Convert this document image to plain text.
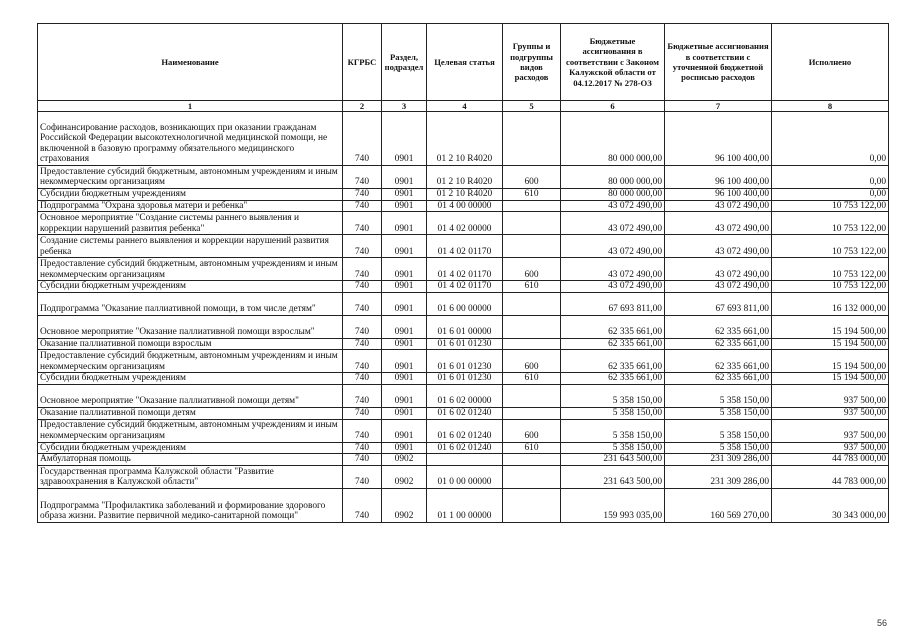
Наименование	КГРБС	Раздел, подраздел	Целевая статья	Группы и подгруппы видов расходов	Бюджетные ассигнования в соответствии с Законом Калужской области от 04.12.2017 № 278-ОЗ	Бюджетные ассигнования в соответствии с уточненной бюджетной росписью расходов	Исполнено
1	2	3	4	5	6	7	8
Софинансирование расходов, возникающих при оказании гражданам Российской Федерации высокотехнологичной медицинской помощи, не включенной в базовую программу обязательного медицинского страхования	740	0901	01 2 10 R4020		80 000 000,00	96 100 400,00	0,00
Предоставление субсидий бюджетным, автономным учреждениям и иным некоммерческим организациям	740	0901	01 2 10 R4020	600	80 000 000,00	96 100 400,00	0,00
Субсидии бюджетным учреждениям	740	0901	01 2 10 R4020	610	80 000 000,00	96 100 400,00	0,00
Подпрограмма "Охрана здоровья матери и ребенка"	740	0901	01 4 00 00000		43 072 490,00	43 072 490,00	10 753 122,00
Основное мероприятие "Создание системы раннего выявления и коррекции нарушений развития ребенка"	740	0901	01 4 02 00000		43 072 490,00	43 072 490,00	10 753 122,00
Создание системы раннего выявления и коррекции нарушений развития ребенка	740	0901	01 4 02 01170		43 072 490,00	43 072 490,00	10 753 122,00
Предоставление субсидий бюджетным, автономным учреждениям и иным некоммерческим организациям	740	0901	01 4 02 01170	600	43 072 490,00	43 072 490,00	10 753 122,00
Субсидии бюджетным учреждениям	740	0901	01 4 02 01170	610	43 072 490,00	43 072 490,00	10 753 122,00
Подпрограмма "Оказание паллиативной помощи, в том числе детям"	740	0901	01 6 00 00000		67 693 811,00	67 693 811,00	16 132 000,00
Основное мероприятие "Оказание паллиативной помощи взрослым"	740	0901	01 6 01 00000		62 335 661,00	62 335 661,00	15 194 500,00
Оказание паллиативной помощи взрослым	740	0901	01 6 01 01230		62 335 661,00	62 335 661,00	15 194 500,00
Предоставление субсидий бюджетным, автономным учреждениям и иным некоммерческим организациям	740	0901	01 6 01 01230	600	62 335 661,00	62 335 661,00	15 194 500,00
Субсидии бюджетным учреждениям	740	0901	01 6 01 01230	610	62 335 661,00	62 335 661,00	15 194 500,00
Основное мероприятие "Оказание паллиативной помощи детям"	740	0901	01 6 02 00000		5 358 150,00	5 358 150,00	937 500,00
Оказание паллиативной помощи детям	740	0901	01 6 02 01240		5 358 150,00	5 358 150,00	937 500,00
Предоставление субсидий бюджетным, автономным учреждениям и иным некоммерческим организациям	740	0901	01 6 02 01240	600	5 358 150,00	5 358 150,00	937 500,00
Субсидии бюджетным учреждениям	740	0901	01 6 02 01240	610	5 358 150,00	5 358 150,00	937 500,00
Амбулаторная помощь	740	0902			231 643 500,00	231 309 286,00	44 783 000,00
Государственная программа Калужской области "Развитие здравоохранения в Калужской области"	740	0902	01 0 00 00000		231 643 500,00	231 309 286,00	44 783 000,00
Подпрограмма "Профилактика заболеваний и формирование здорового образа жизни. Развитие первичной медико-санитарной помощи"	740	0902	01 1 00 00000		159 993 035,00	160 569 270,00	30 343 000,00
56
